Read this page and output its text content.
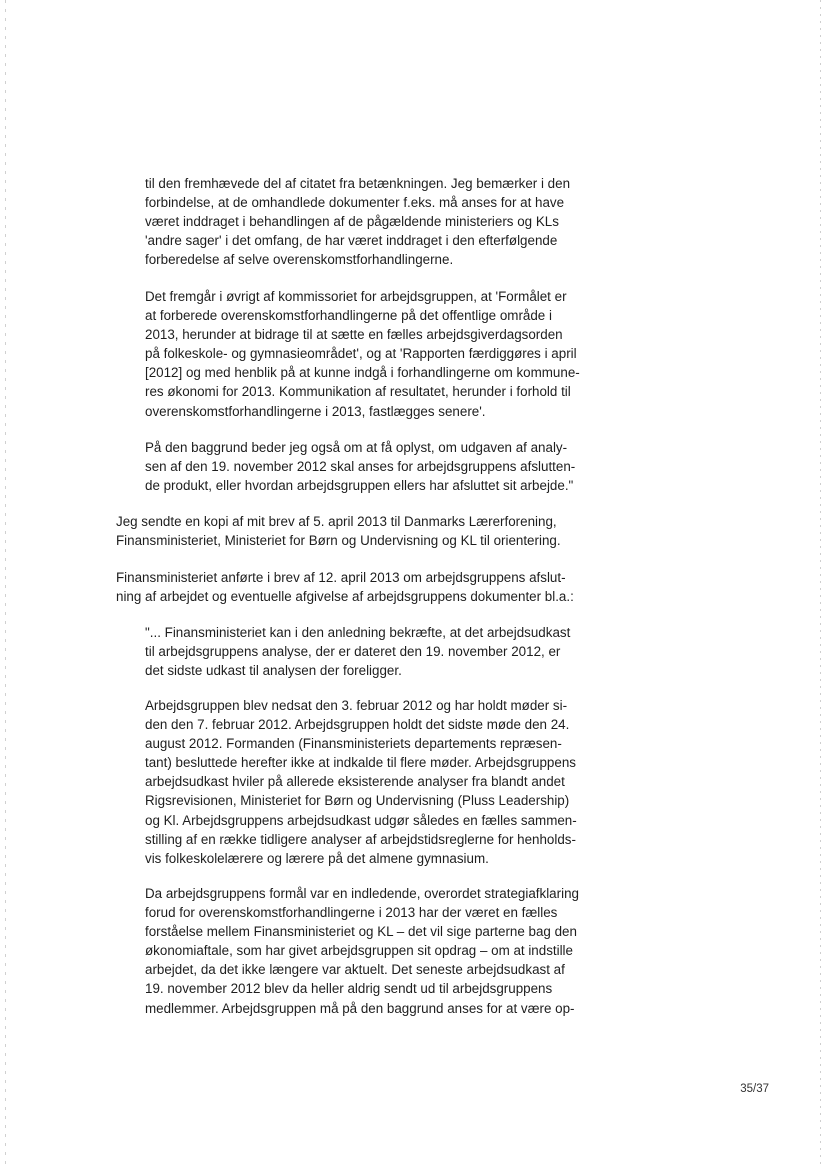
til den fremhævede del af citatet fra betænkningen. Jeg bemærker i den
forbindelse, at de omhandlede dokumenter f.eks. må anses for at have
været inddraget i behandlingen af de pågældende ministeriers og KLs
'andre sager' i det omfang, de har været inddraget i den efterfølgende
forberedelse af selve overenskomstforhandlingerne.
Det fremgår i øvrigt af kommissoriet for arbejdsgruppen, at 'Formålet er
at forberede overenskomstforhandlingerne på det offentlige område i
2013, herunder at bidrage til at sætte en fælles arbejdsgiverdagsorden
på folkeskole- og gymnasieområdet', og at 'Rapporten færdiggøres i april
[2012] og med henblik på at kunne indgå i forhandlingerne om kommune-
res økonomi for 2013. Kommunikation af resultatet, herunder i forhold til
overenskomstforhandlingerne i 2013, fastlægges senere'.
På den baggrund beder jeg også om at få oplyst, om udgaven af analy-
sen af den 19. november 2012 skal anses for arbejdsgruppens afslutten-
de produkt, eller hvordan arbejdsgruppen ellers har afsluttet sit arbejde."
Jeg sendte en kopi af mit brev af 5. april 2013 til Danmarks Lærerforening,
Finansministeriet, Ministeriet for Børn og Undervisning og KL til orientering.
Finansministeriet anførte i brev af 12. april 2013 om arbejdsgruppens afslut-
ning af arbejdet og eventuelle afgivelse af arbejdsgruppens dokumenter bl.a.:
"... Finansministeriet kan i den anledning bekræfte, at det arbejdsudkast
til arbejdsgruppens analyse, der er dateret den 19. november 2012, er
det sidste udkast til analysen der foreligger.
Arbejdsgruppen blev nedsat den 3. februar 2012 og har holdt møder si-
den den 7. februar 2012. Arbejdsgruppen holdt det sidste møde den 24.
august 2012. Formanden (Finansministeriets departements repræsen-
tant) besluttede herefter ikke at indkalde til flere møder. Arbejdsgruppens
arbejdsudkast hviler på allerede eksisterende analyser fra blandt andet
Rigsrevisionen, Ministeriet for Børn og Undervisning (Pluss Leadership)
og Kl. Arbejdsgruppens arbejdsudkast udgør således en fælles sammen-
stilling af en række tidligere analyser af arbejdstidsreglerne for henholds-
vis folkeskolelærere og lærere på det almene gymnasium.
Da arbejdsgruppens formål var en indledende, overordet strategiafklaring
forud for overenskomstforhandlingerne i 2013 har der været en fælles
forståelse mellem Finansministeriet og KL – det vil sige parterne bag den
økonomiaftale, som har givet arbejdsgruppen sit opdrag – om at indstille
arbejdet, da det ikke længere var aktuelt. Det seneste arbejdsudkast af
19. november 2012 blev da heller aldrig sendt ud til arbejdsgruppens
medlemmer. Arbejdsgruppen må på den baggrund anses for at være op-
35/37
